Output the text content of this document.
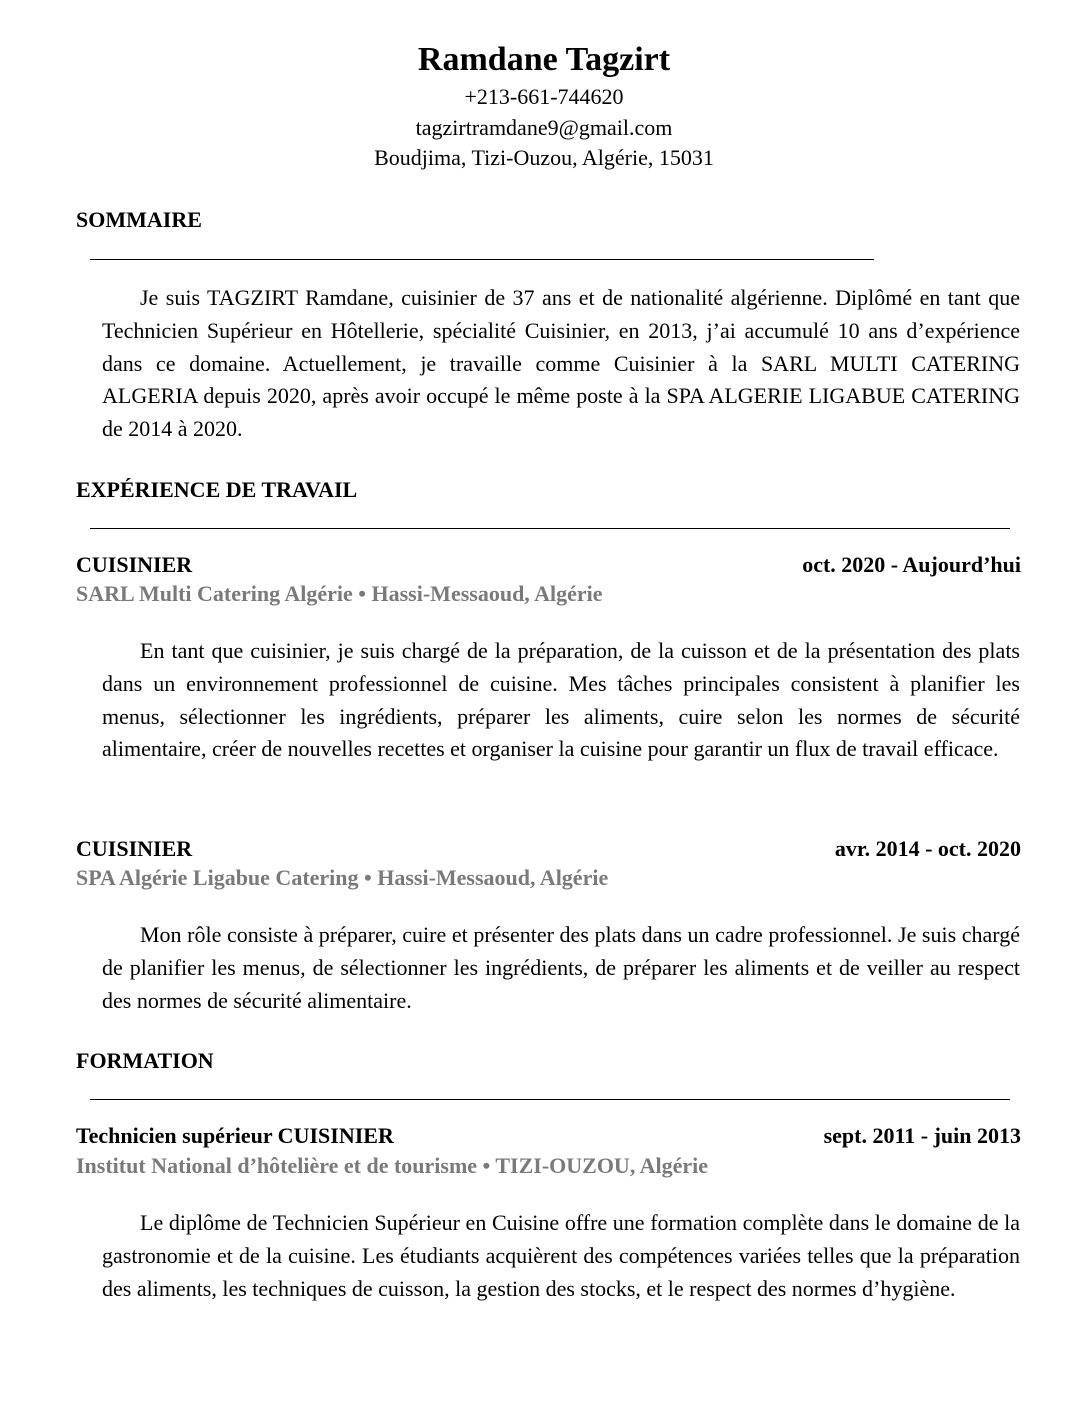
Ramdane Tagzirt
+213-661-744620
tagzirtramdane9@gmail.com
Boudjima, Tizi-Ouzou, Algérie, 15031
SOMMAIRE

Je suis TAGZIRT Ramdane, cuisinier de 37 ans et de nationalité algérienne. Diplômé en tant que Technicien Supérieur en Hôtellerie, spécialité Cuisinier, en 2013, j’ai accumulé 10 ans d’expérience dans ce domaine. Actuellement, je travaille comme Cuisinier à la SARL MULTI CATERING ALGERIA depuis 2020, après avoir occupé le même poste à la SPA ALGERIE LIGABUE CATERING de 2014 à 2020.

EXPÉRIENCE DE TRAVAIL
CUISINIER	oct. 2020 - Aujourd’hui
SARL Multi Catering Algérie • Hassi-Messaoud, Algérie

En tant que cuisinier, je suis chargé de la préparation, de la cuisson et de la présentation des plats dans un environnement professionnel de cuisine. Mes tâches principales consistent à planifier les menus, sélectionner les ingrédients, préparer les aliments, cuire selon les normes de sécurité alimentaire, créer de nouvelles recettes et organiser la cuisine pour garantir un flux de travail efficace.

CUISINIER	avr. 2014 - oct. 2020
SPA Algérie Ligabue Catering • Hassi-Messaoud, Algérie

Mon rôle consiste à préparer, cuire et présenter des plats dans un cadre professionnel. Je suis chargé de planifier les menus, de sélectionner les ingrédients, de préparer les aliments et de veiller au respect des normes de sécurité alimentaire.

FORMATION
Technicien supérieur CUISINIER	sept. 2011 - juin 2013
Institut National d’hôtelière et de tourisme • TIZI-OUZOU, Algérie

Le diplôme de Technicien Supérieur en Cuisine offre une formation complète dans le domaine de la gastronomie et de la cuisine. Les étudiants acquièrent des compétences variées telles que la préparation des aliments, les techniques de cuisson, la gestion des stocks, et le respect des normes d’hygiène.
